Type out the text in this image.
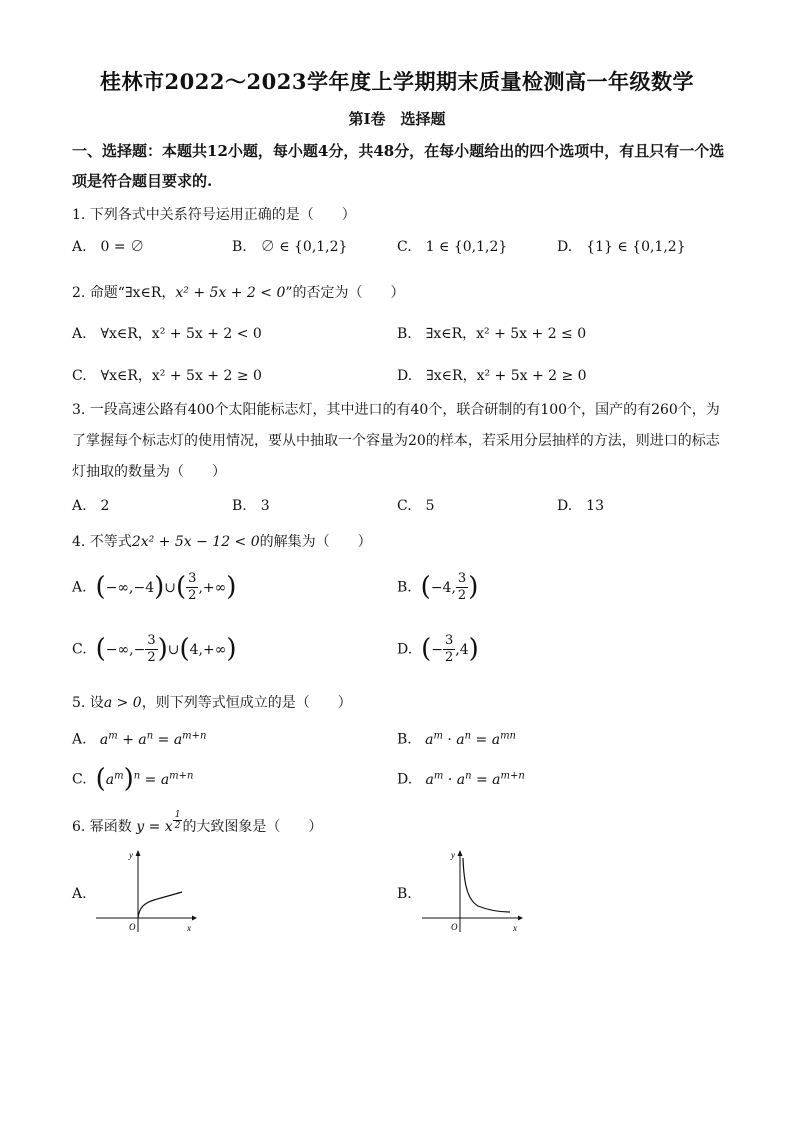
桂林市2022～2023学年度上学期期末质量检测高一年级数学
第Ⅰ卷　选择题
一、选择题：本题共12小题，每小题4分，共48分，在每小题给出的四个选项中，有且只有一个选项是符合题目要求的.
1. 下列各式中关系符号运用正确的是（　　）
A.　0 = ∅	B.　∅ ∈ {0,1,2}	C.　1 ∈ {0,1,2}	D.　{1} ∈ {0,1,2}
2. 命题“∃x∈R，x² + 5x + 2 < 0”的否定为（　　）
A.　∀x∈R，x² + 5x + 2 < 0	B.　∃x∈R，x² + 5x + 2 ≤ 0
C.　∀x∈R，x² + 5x + 2 ≥ 0	D.　∃x∈R，x² + 5x + 2 ≥ 0
3. 一段高速公路有400个太阳能标志灯，其中进口的有40个，联合研制的有100个，国产的有260个，为了掌握每个标志灯的使用情况，要从中抽取一个容量为20的样本，若采用分层抽样的方法，则进口的标志灯抽取的数量为（　　）
A.　2	B.　3	C.　5	D.　13
4. 不等式2x² + 5x − 12 < 0的解集为（　　）
A. (−∞,−4)∪( $\frac{3}{2}$ ,+∞)	B. (−4, $\frac{3}{2}$ )
C. (−∞,− $\frac{3}{2}$ )∪(4,+∞)	D. (− $\frac{3}{2} ,4$)
5. 设a > 0，则下列等式恒成立的是（　　）
A.   $a^m + a^n = a^{m+n}$	B.   $a^m \cdot a^n = a^{mn}$
C. $(a^m)^n = a^{m+n}$	D.   $a^m \cdot a^n = a^{m+n}$
6. 幂函数 y = x $^{\frac{1}{2}}$ 的大致图象是（　　）
A.
y
x
O
B.
y
x
O
